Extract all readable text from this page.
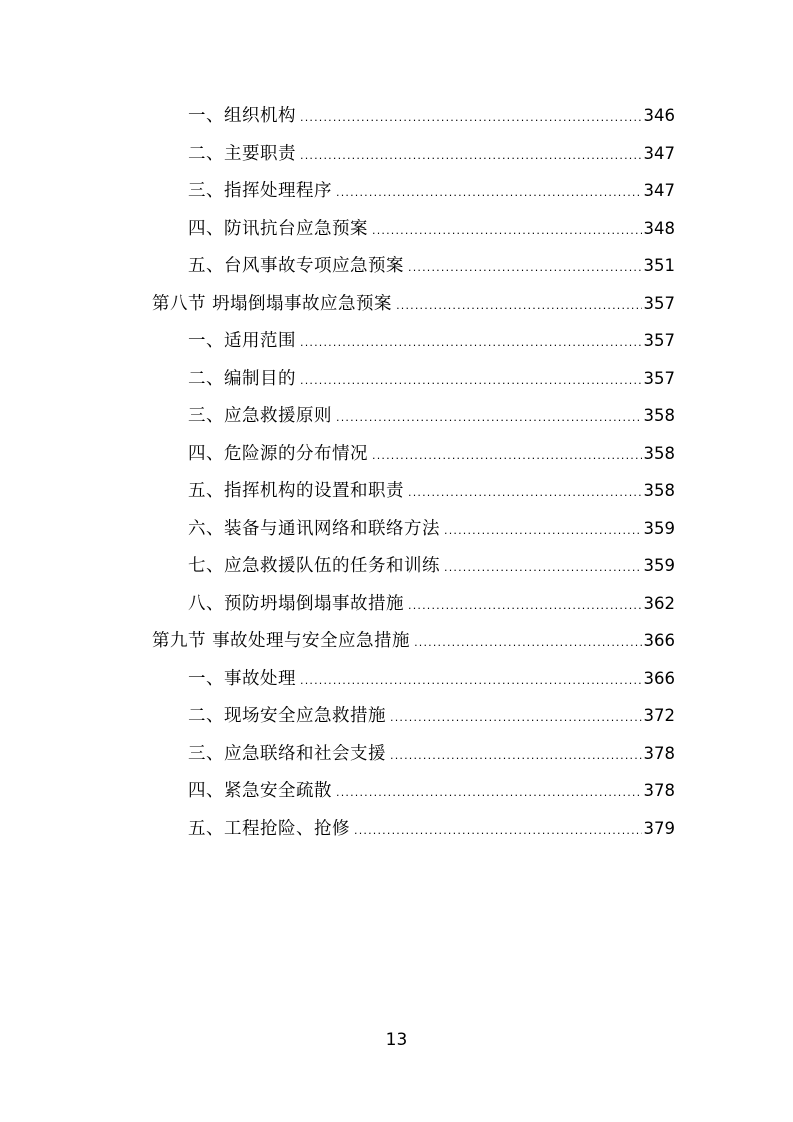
一、组织机构 .....	346
二、主要职责 .....	347
三、指挥处理程序 .....	347
四、防讯抗台应急预案 .....	348
五、台风事故专项应急预案 .....	351
第八节 坍塌倒塌事故应急预案 .....	357
一、适用范围 .....	357
二、编制目的 .....	357
三、应急救援原则 .....	358
四、危险源的分布情况 .....	358
五、指挥机构的设置和职责 .....	358
六、装备与通讯网络和联络方法 .....	359
七、应急救援队伍的任务和训练 .....	359
八、预防坍塌倒塌事故措施 .....	362
第九节 事故处理与安全应急措施 .....	366
一、事故处理 .....	366
二、现场安全应急救措施 .....	372
三、应急联络和社会支援 .....	378
四、紧急安全疏散 .....	378
五、工程抢险、抢修 .....	379
13
